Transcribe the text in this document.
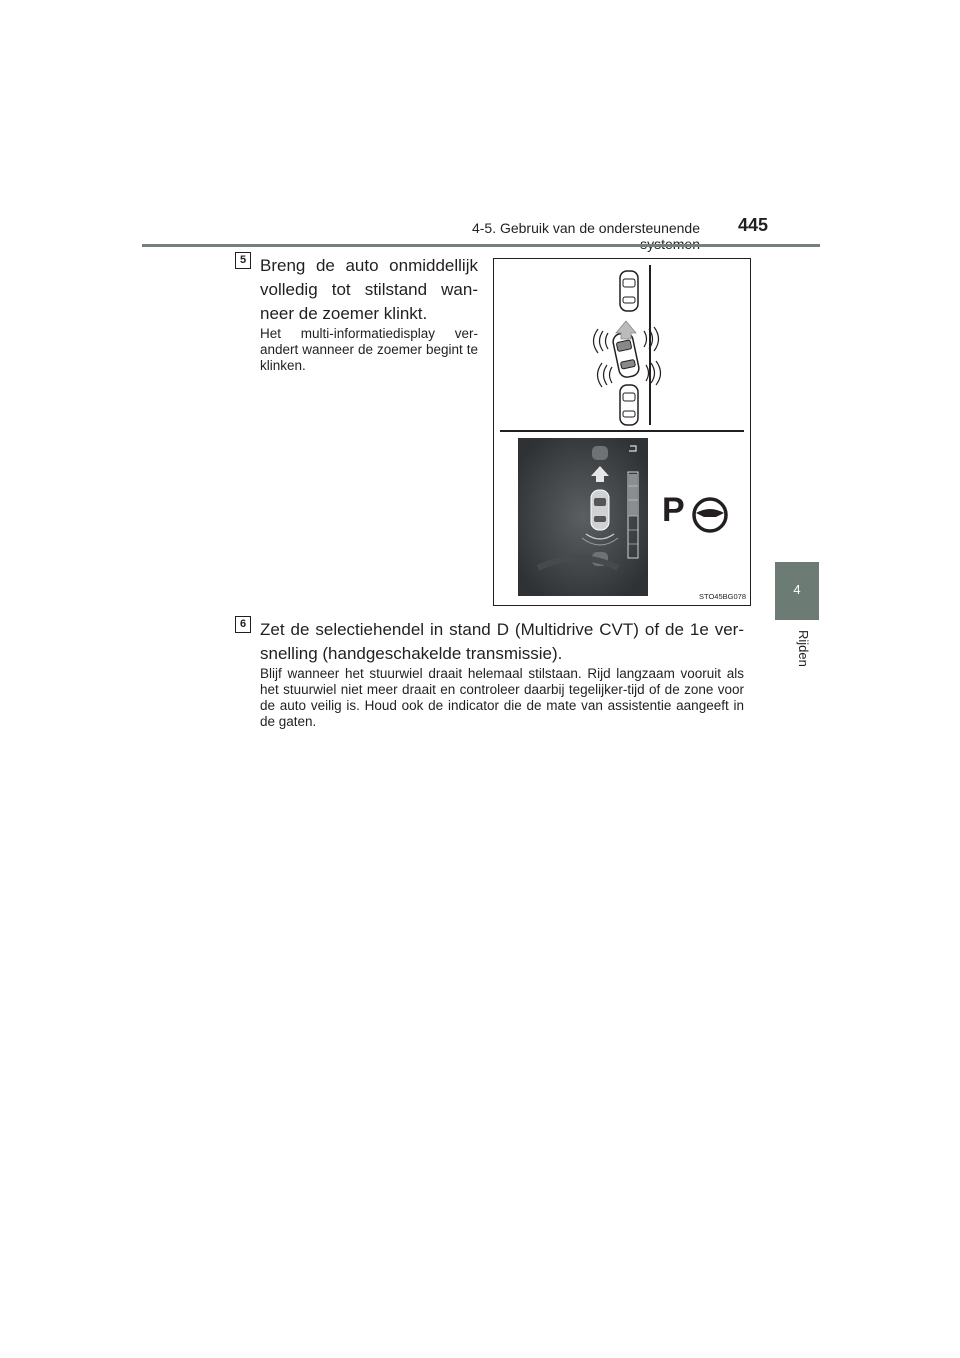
4-5. Gebruik van de ondersteunende 445
4
Rijden
5 Breng de auto onmiddellijk volledig tot stilstand wan-neer de zoemer klinkt.

Het multi-informatiedisplay ver-andert wanneer de zoemer begint te klinken.

P
STO45BG078
6 Zet de selectiehendel in stand D (Multidrive CVT) of de 1e ver-snelling (handgeschakelde transmissie).

Blijf wanneer het stuurwiel draait helemaal stilstaan. Rijd langzaam vooruit als het stuurwiel niet meer draait en controleer daarbij tegelijker-tijd of de zone voor de auto veilig is. Houd ook de indicator die de mate van assistentie aangeeft in de gaten.
